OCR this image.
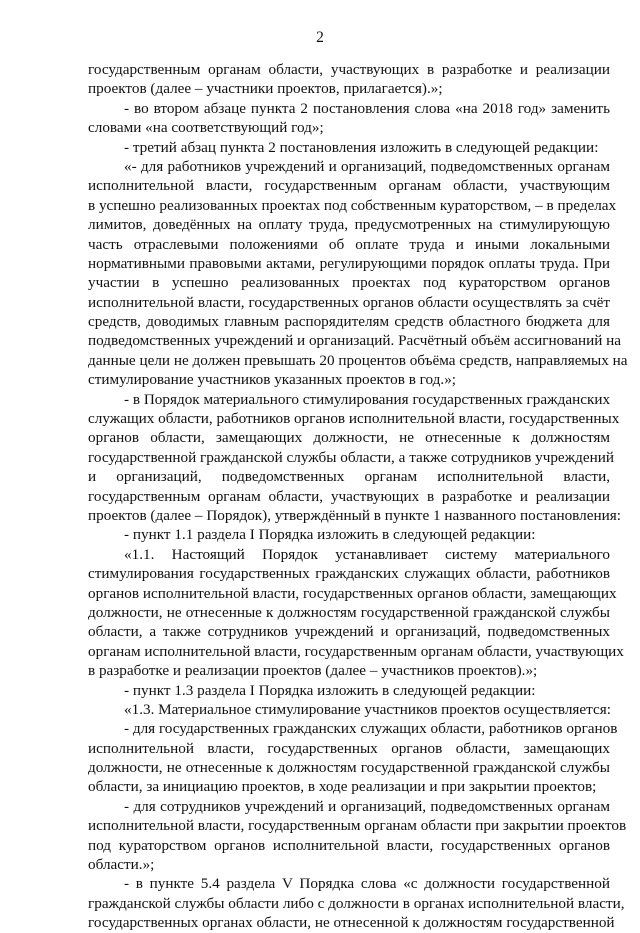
2
государственным органам области, участвующих в разработке и реализации
проектов (далее – участники проектов, прилагается).»;
- во втором абзаце пункта 2 постановления слова «на 2018 год» заменить
словами «на соответствующий год»;
- третий абзац пункта 2 постановления изложить в следующей редакции:
«- для работников учреждений и организаций, подведомственных органам
исполнительной власти, государственным органам области, участвующим
в успешно реализованных проектах под собственным кураторством, – в пределах
лимитов, доведённых на оплату труда, предусмотренных на стимулирующую
часть отраслевыми положениями об оплате труда и иными локальными
нормативными правовыми актами, регулирующими порядок оплаты труда. При
участии в успешно реализованных проектах под кураторством органов
исполнительной власти, государственных органов области осуществлять за счёт
средств, доводимых главным распорядителям средств областного бюджета для
подведомственных учреждений и организаций. Расчётный объём ассигнований на
данные цели не должен превышать 20 процентов объёма средств, направляемых на
стимулирование участников указанных проектов в год.»;
- в Порядок материального стимулирования государственных гражданских
служащих области, работников органов исполнительной власти, государственных
органов области, замещающих должности, не отнесенные к должностям
государственной гражданской службы области, а также сотрудников учреждений
и организаций, подведомственных органам исполнительной власти,
государственным органам области, участвующих в разработке и реализации
проектов (далее – Порядок), утверждённый в пункте 1 названного постановления:
- пункт 1.1 раздела I Порядка изложить в следующей редакции:
«1.1. Настоящий Порядок устанавливает систему материального
стимулирования государственных гражданских служащих области, работников
органов исполнительной власти, государственных органов области, замещающих
должности, не отнесенные к должностям государственной гражданской службы
области, а также сотрудников учреждений и организаций, подведомственных
органам исполнительной власти, государственным органам области, участвующих
в разработке и реализации проектов (далее – участников проектов).»;
- пункт 1.3 раздела I Порядка изложить в следующей редакции:
«1.3. Материальное стимулирование участников проектов осуществляется:
- для государственных гражданских служащих области, работников органов
исполнительной власти, государственных органов области, замещающих
должности, не отнесенные к должностям государственной гражданской службы
области, за инициацию проектов, в ходе реализации и при закрытии проектов;
- для сотрудников учреждений и организаций, подведомственных органам
исполнительной власти, государственным органам области при закрытии проектов
под кураторством органов исполнительной власти, государственных органов
области.»;
- в пункте 5.4 раздела V Порядка слова «с должности государственной
гражданской службы области либо с должности в органах исполнительной власти,
государственных органах области, не отнесенной к должностям государственной
